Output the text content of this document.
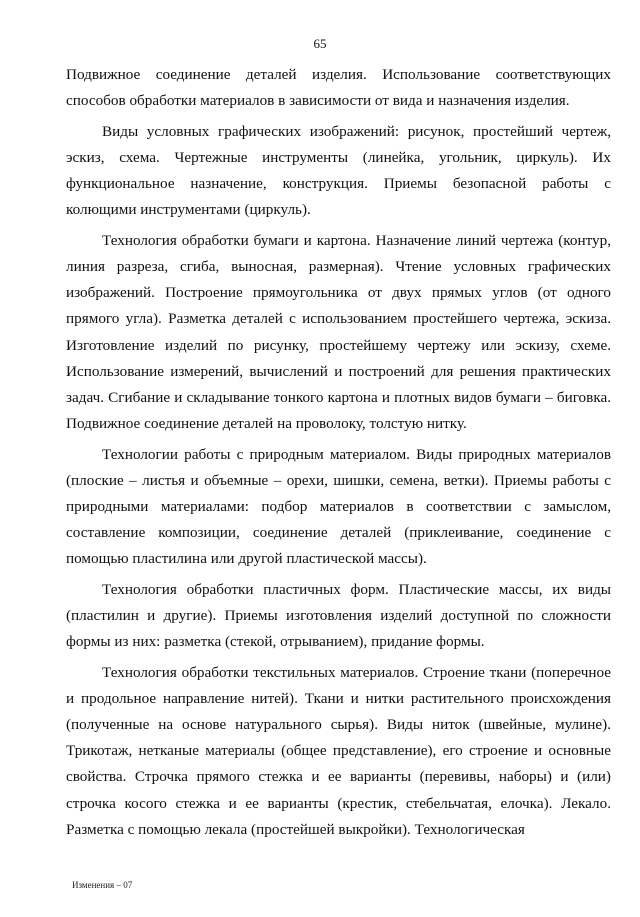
65

Подвижное соединение деталей изделия. Использование соответствующих способов обработки материалов в зависимости от вида и назначения изделия.

Виды условных графических изображений: рисунок, простейший чертеж, эскиз, схема. Чертежные инструменты (линейка, угольник, циркуль). Их функциональное назначение, конструкция. Приемы безопасной работы с колющими инструментами (циркуль).

Технология обработки бумаги и картона. Назначение линий чертежа (контур, линия разреза, сгиба, выносная, размерная). Чтение условных графических изображений. Построение прямоугольника от двух прямых углов (от одного прямого угла). Разметка деталей с использованием простейшего чертежа, эскиза. Изготовление изделий по рисунку, простейшему чертежу или эскизу, схеме. Использование измерений, вычислений и построений для решения практических задач. Сгибание и складывание тонкого картона и плотных видов бумаги – биговка. Подвижное соединение деталей на проволоку, толстую нитку.

Технологии работы с природным материалом. Виды природных материалов (плоские – листья и объемные – орехи, шишки, семена, ветки). Приемы работы с природными материалами: подбор материалов в соответствии с замыслом, составление композиции, соединение деталей (приклеивание, соединение с помощью пластилина или другой пластической массы).

Технология обработки пластичных форм. Пластические массы, их виды (пластилин и другие). Приемы изготовления изделий доступной по сложности формы из них: разметка (стекой, отрыванием), придание формы.

Технология обработки текстильных материалов. Строение ткани (поперечное и продольное направление нитей). Ткани и нитки растительного происхождения (полученные на основе натурального сырья). Виды ниток (швейные, мулине). Трикотаж, нетканые материалы (общее представление), его строение и основные свойства. Строчка прямого стежка и ее варианты (перевивы, наборы) и (или) строчка косого стежка и ее варианты (крестик, стебельчатая, елочка). Лекало. Разметка с помощью лекала (простейшей выкройки). Технологическая

Изменения – 07
